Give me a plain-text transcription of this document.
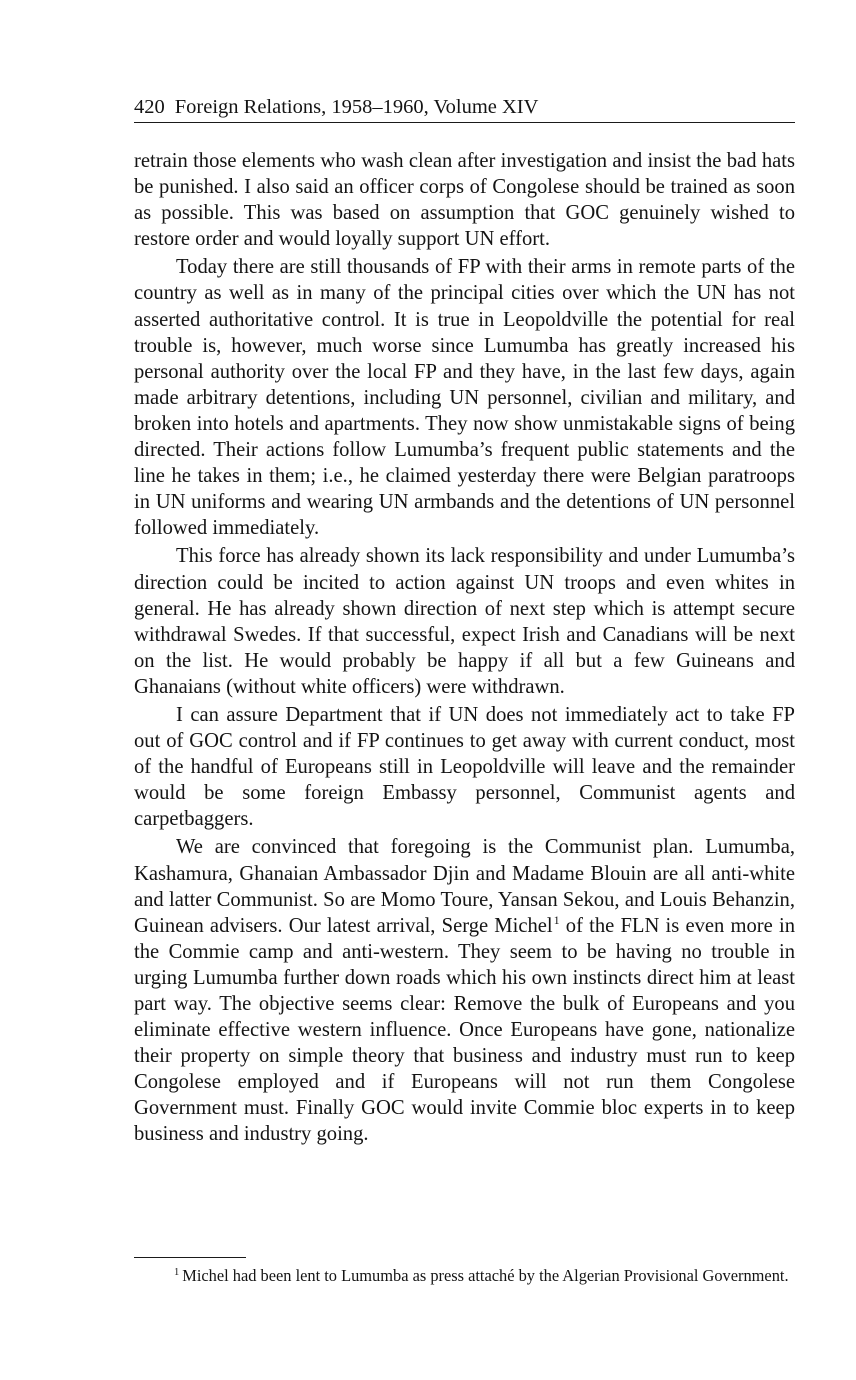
420 Foreign Relations, 1958–1960, Volume XIV

retrain those elements who wash clean after investigation and insist the bad hats be punished. I also said an officer corps of Congolese should be trained as soon as possible. This was based on assumption that GOC genuinely wished to restore order and would loyally support UN effort.

Today there are still thousands of FP with their arms in remote parts of the country as well as in many of the principal cities over which the UN has not asserted authoritative control. It is true in Leopoldville the potential for real trouble is, however, much worse since Lumumba has greatly increased his personal authority over the local FP and they have, in the last few days, again made arbitrary detentions, including UN personnel, civilian and military, and broken into hotels and apartments. They now show unmistakable signs of being directed. Their actions follow Lumumba’s frequent public statements and the line he takes in them; i.e., he claimed yesterday there were Belgian paratroops in UN uniforms and wearing UN armbands and the detentions of UN personnel followed immediately.

This force has already shown its lack responsibility and under Lumumba’s direction could be incited to action against UN troops and even whites in general. He has already shown direction of next step which is attempt secure withdrawal Swedes. If that successful, expect Irish and Canadians will be next on the list. He would probably be happy if all but a few Guineans and Ghanaians (without white officers) were withdrawn.

I can assure Department that if UN does not immediately act to take FP out of GOC control and if FP continues to get away with current conduct, most of the handful of Europeans still in Leopoldville will leave and the remainder would be some foreign Embassy personnel, Communist agents and carpetbaggers.

We are convinced that foregoing is the Communist plan. Lumumba, Kashamura, Ghanaian Ambassador Djin and Madame Blouin are all anti-white and latter Communist. So are Momo Toure, Yansan Sekou, and Louis Behanzin, Guinean advisers. Our latest arrival, Serge Michel$^1$ of the FLN is even more in the Commie camp and anti-western. They seem to be having no trouble in urging Lumumba further down roads which his own instincts direct him at least part way. The objective seems clear: Remove the bulk of Europeans and you eliminate effective western influence. Once Europeans have gone, nationalize their property on simple theory that business and industry must run to keep Congolese employed and if Europeans will not run them Congolese Government must. Finally GOC would invite Commie bloc experts in to keep business and industry going.

$^1$ Michel had been lent to Lumumba as press attaché by the Algerian Provisional Government.
